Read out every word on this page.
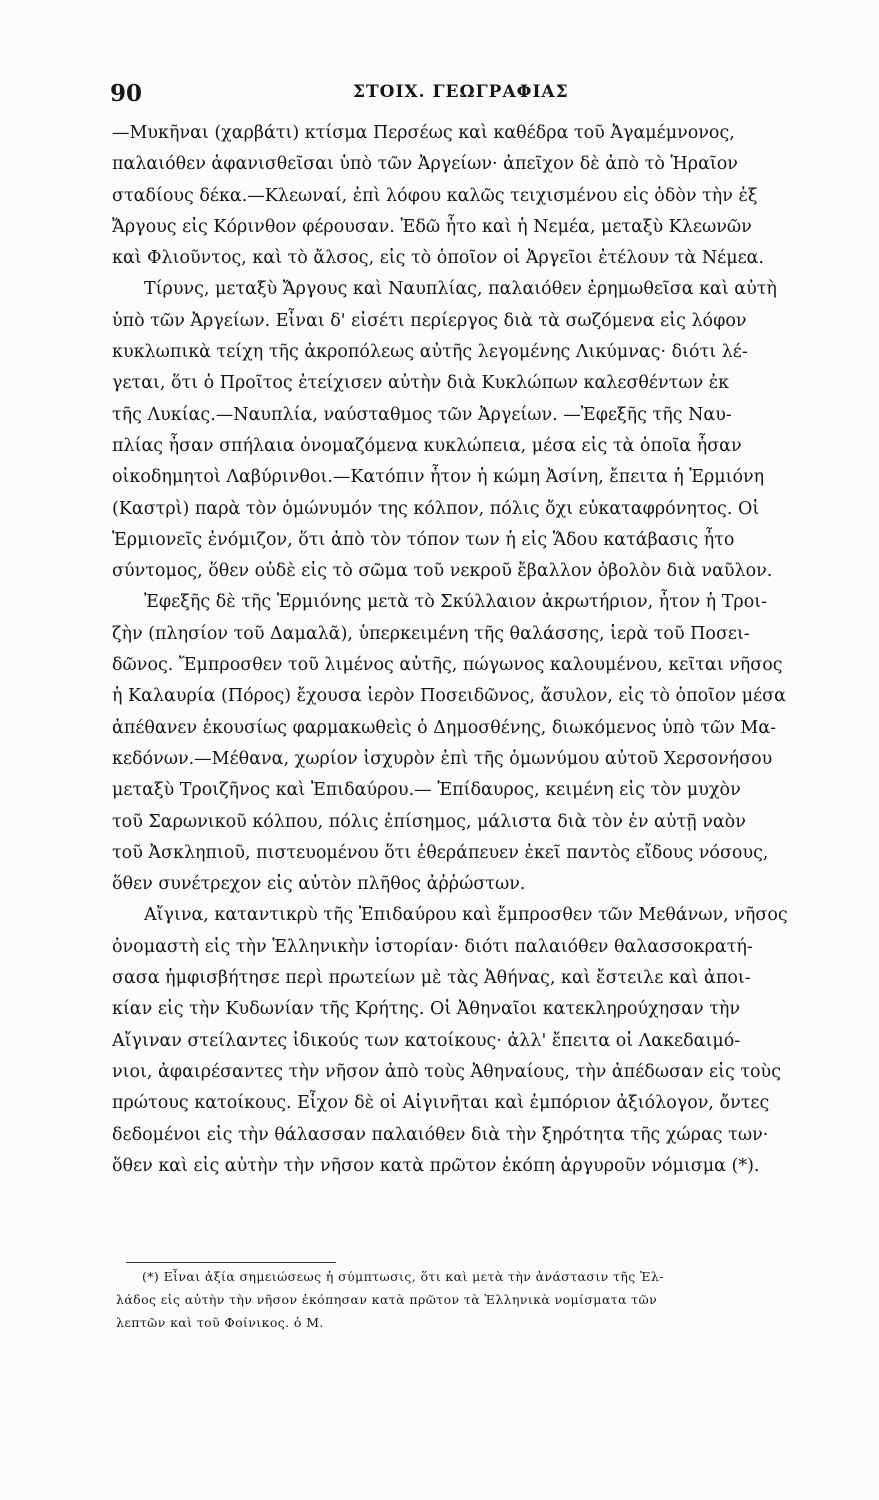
90	ΣΤΟΙΧ. ΓΕΩΓΡΑΦΙΑΣ
—Μυκῆναι (χαρβάτι) κτίσμα Περσέως καὶ καθέδρα τοῦ Ἀγαμέμνονος,
παλαιόθεν ἀφανισθεῖσαι ὑπὸ τῶν Ἀργείων· ἀπεῖχον δὲ ἀπὸ τὸ Ἡραῖον
σταδίους δέκα.—Κλεωναί, ἐπὶ λόφου καλῶς τειχισμένου εἰς ὁδὸν τὴν ἐξ
Ἄργους εἰς Κόρινθον φέρουσαν. Ἐδῶ ἦτο καὶ ἡ Νεμέα, μεταξὺ Κλεωνῶν
καὶ Φλιοῦντος, καὶ τὸ ἄλσος, εἰς τὸ ὁποῖον οἱ Ἀργεῖοι ἐτέλουν τὰ Νέμεα.
Τίρυνς, μεταξὺ Ἄργους καὶ Ναυπλίας, παλαιόθεν ἐρημωθεῖσα καὶ αὐτὴ
ὑπὸ τῶν Ἀργείων. Εἶναι δ' εἰσέτι περίεργος διὰ τὰ σωζόμενα εἰς λόφον
κυκλωπικὰ τείχη τῆς ἀκροπόλεως αὐτῆς λεγομένης Λικύμνας· διότι λέ-
γεται, ὅτι ὁ Προῖτος ἐτείχισεν αὐτὴν διὰ Κυκλώπων καλεσθέντων ἐκ
τῆς Λυκίας.—Ναυπλία, ναύσταθμος τῶν Ἀργείων. —Ἐφεξῆς τῆς Ναυ-
πλίας ἦσαν σπήλαια ὀνομαζόμενα κυκλώπεια, μέσα εἰς τὰ ὁποῖα ἦσαν
οἰκοδημητοὶ Λαβύρινθοι.—Κατόπιν ἦτον ἡ κώμη Ἀσίνη, ἔπειτα ἡ Ἑρμιόνη
(Καστρὶ) παρὰ τὸν ὁμώνυμόν της κόλπον, πόλις ὄχι εὐκαταφρόνητος. Οἱ
Ἑρμιονεῖς ἐνόμιζον, ὅτι ἀπὸ τὸν τόπον των ἡ εἰς Ἅδου κατάβασις ἦτο
σύντομος, ὅθεν οὐδὲ εἰς τὸ σῶμα τοῦ νεκροῦ ἔβαλλον ὀβολὸν διὰ ναῦλον.
Ἐφεξῆς δὲ τῆς Ἑρμιόνης μετὰ τὸ Σκύλλαιον ἀκρωτήριον, ἦτον ἡ Τροι-
ζὴν (πλησίον τοῦ Δαμαλᾶ), ὑπερκειμένη τῆς θαλάσσης, ἱερὰ τοῦ Ποσει-
δῶνος. Ἔμπροσθεν τοῦ λιμένος αὐτῆς, πώγωνος καλουμένου, κεῖται νῆσος
ἡ Καλαυρία (Πόρος) ἔχουσα ἱερὸν Ποσειδῶνος, ἄσυλον, εἰς τὸ ὁποῖον μέσα
ἀπέθανεν ἑκουσίως φαρμακωθεὶς ὁ Δημοσθένης, διωκόμενος ὑπὸ τῶν Μα-
κεδόνων.—Μέθανα, χωρίον ἰσχυρὸν ἐπὶ τῆς ὁμωνύμου αὐτοῦ Χερσονήσου
μεταξὺ Τροιζῆνος καὶ Ἐπιδαύρου.— Ἐπίδαυρος, κειμένη εἰς τὸν μυχὸν
τοῦ Σαρωνικοῦ κόλπου, πόλις ἐπίσημος, μάλιστα διὰ τὸν ἐν αὐτῇ ναὸν
τοῦ Ἀσκληπιοῦ, πιστευομένου ὅτι ἐθεράπευεν ἐκεῖ παντὸς εἴδους νόσους,
ὅθεν συνέτρεχον εἰς αὐτὸν πλῆθος ἀῤῥώστων.
Αἴγινα, καταντικρὺ τῆς Ἐπιδαύρου καὶ ἔμπροσθεν τῶν Μεθάνων, νῆσος
ὀνομαστὴ εἰς τὴν Ἑλληνικὴν ἱστορίαν· διότι παλαιόθεν θαλασσοκρατή-
σασα ἠμφισβήτησε περὶ πρωτείων μὲ τὰς Ἀθήνας, καὶ ἔστειλε καὶ ἀποι-
κίαν εἰς τὴν Κυδωνίαν τῆς Κρήτης. Οἱ Ἀθηναῖοι κατεκληρούχησαν τὴν
Αἴγιναν στείλαντες ἰδικούς των κατοίκους· ἀλλ' ἔπειτα οἱ Λακεδαιμό-
νιοι, ἀφαιρέσαντες τὴν νῆσον ἀπὸ τοὺς Ἀθηναίους, τὴν ἀπέδωσαν εἰς τοὺς
πρώτους κατοίκους. Εἶχον δὲ οἱ Αἰγινῆται καὶ ἐμπόριον ἀξιόλογον, ὄντες
δεδομένοι εἰς τὴν θάλασσαν παλαιόθεν διὰ τὴν ξηρότητα τῆς χώρας των·
ὅθεν καὶ εἰς αὐτὴν τὴν νῆσον κατὰ πρῶτον ἐκόπη ἀργυροῦν νόμισμα (*).
(*) Εἶναι ἀξία σημειώσεως ἡ σύμπτωσις, ὅτι καὶ μετὰ τὴν ἀνάστασιν τῆς Ἑλ-
λάδος εἰς αὐτὴν τὴν νῆσον ἐκόπησαν κατὰ πρῶτον τὰ Ἑλληνικὰ νομίσματα τῶν
λεπτῶν καὶ τοῦ Φοίνικος. ὁ Μ.
